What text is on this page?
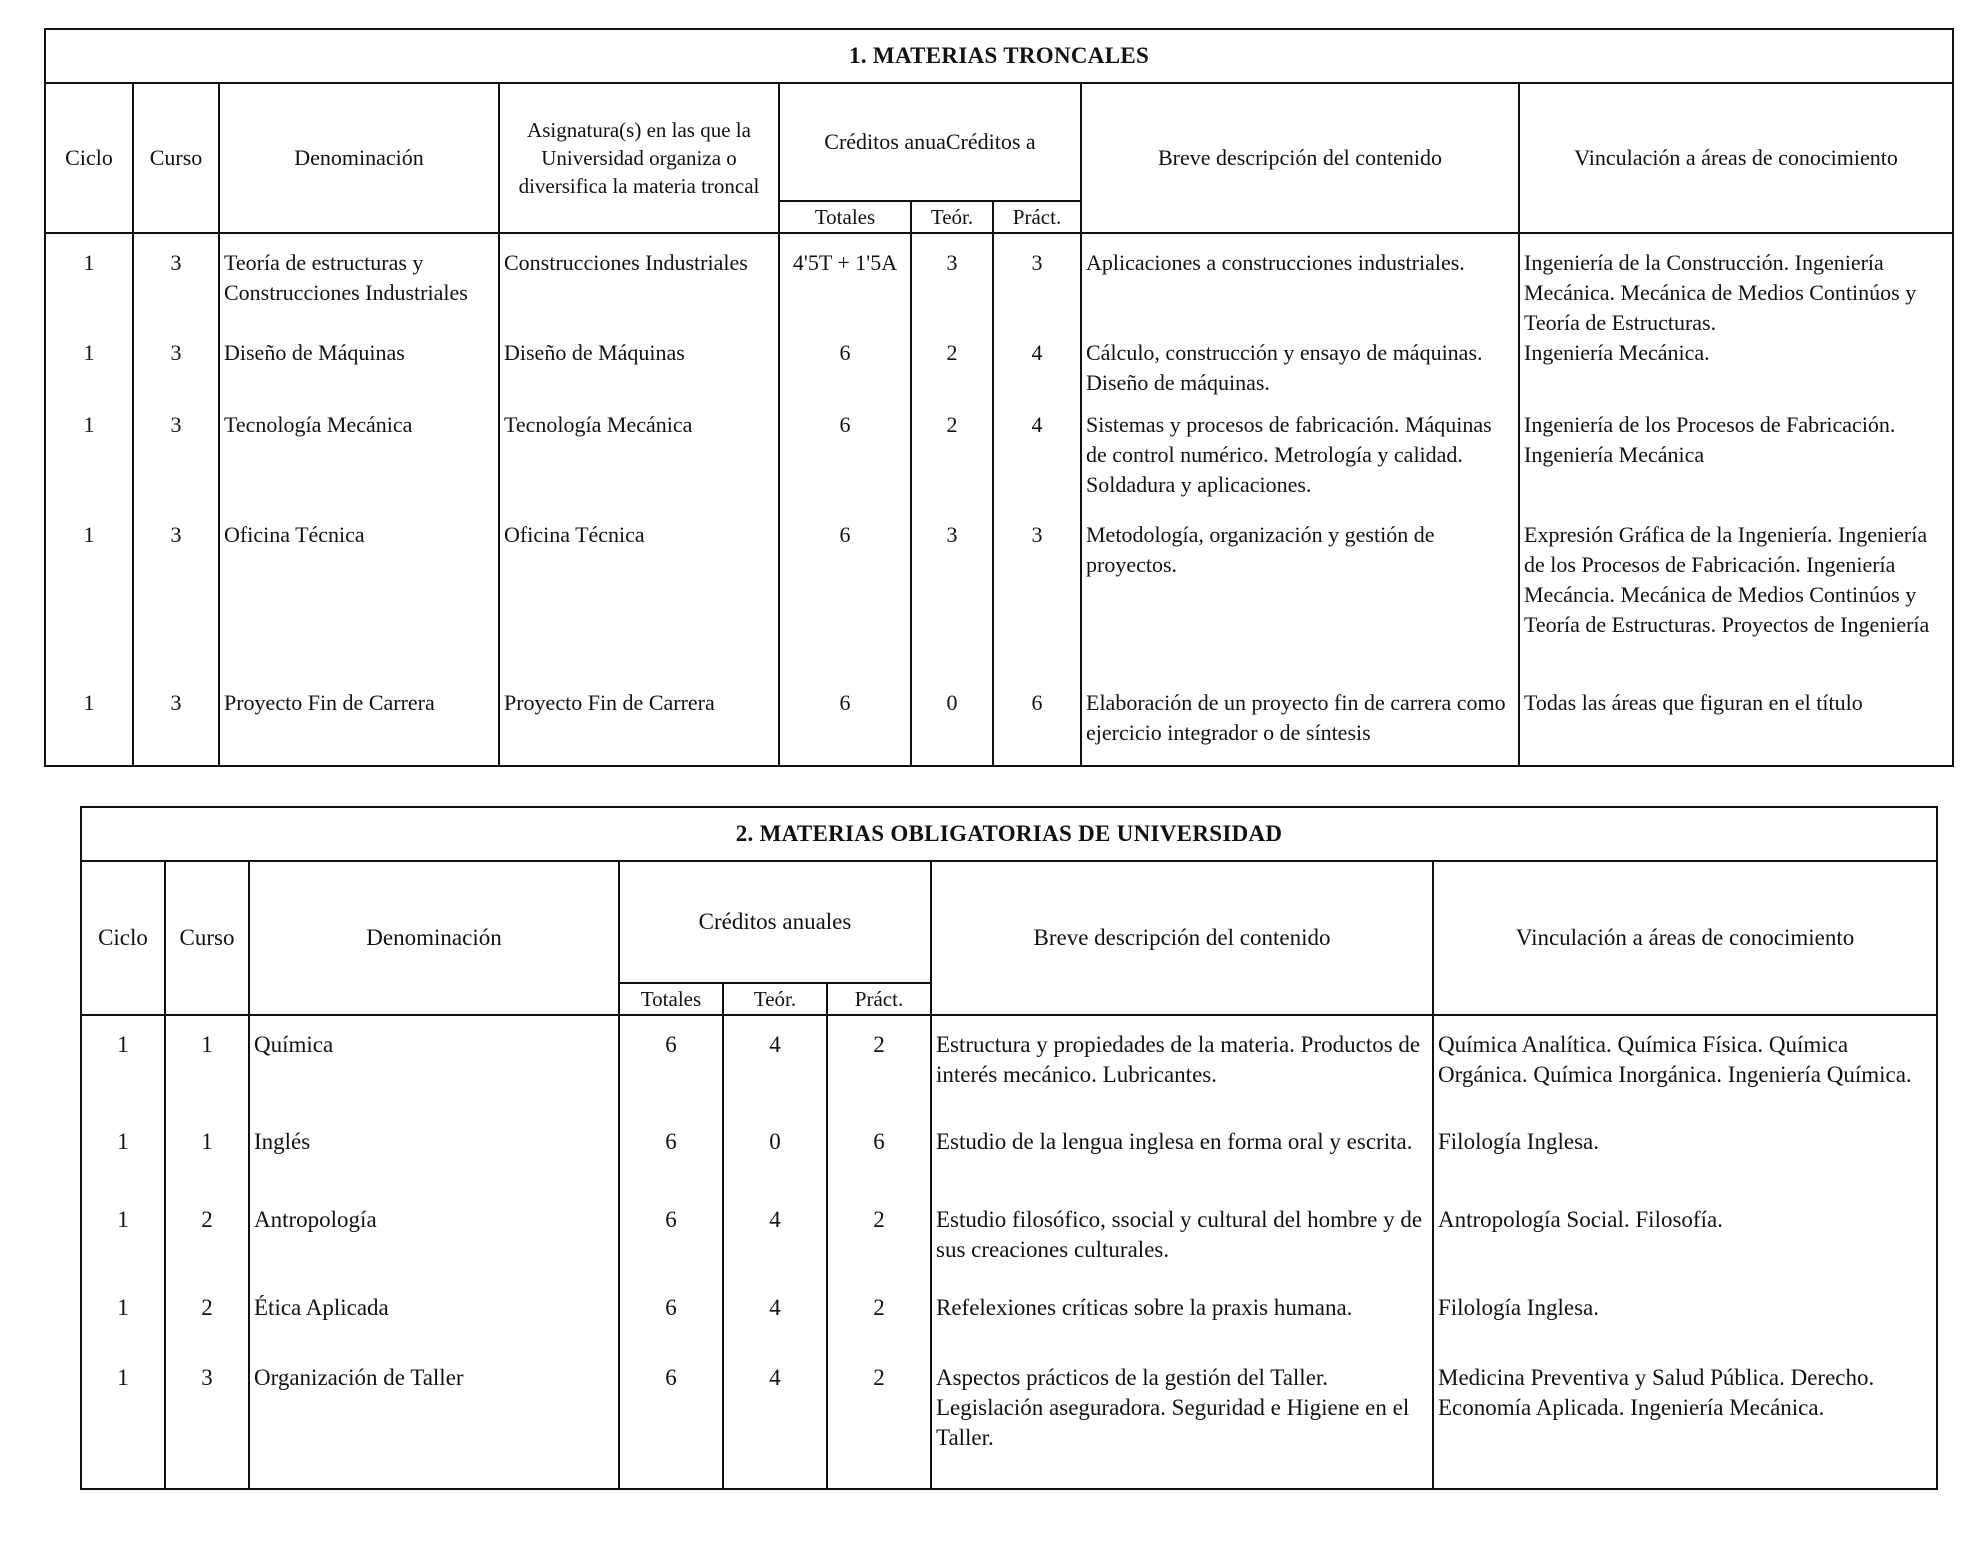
1. MATERIAS TRONCALES								
Ciclo	Curso	Denominación	Asignatura(s) en las que la Universidad organiza o diversifica la materia troncal	Créditos anuaCréditos a			Breve descripción del contenido	Vinculación a áreas de conocimiento
				Totales	Teór.	Práct.		
1	3	Teoría de estructuras y Construcciones Industriales	Construcciones Industriales	4'5T + 1'5A	3	3	Aplicaciones a construcciones industriales.	Ingeniería de la Construcción. Ingeniería Mecánica. Mecánica de Medios Continúos y Teoría de Estructuras.
1	3	Diseño de Máquinas	Diseño de Máquinas	6	2	4	Cálculo, construcción y ensayo de máquinas. Diseño de máquinas.	Ingeniería Mecánica.
1	3	Tecnología Mecánica	Tecnología Mecánica	6	2	4	Sistemas y procesos de fabricación. Máquinas de control numérico. Metrología y calidad. Soldadura y aplicaciones.	Ingeniería de los Procesos de Fabricación. Ingeniería Mecánica
1	3	Oficina Técnica	Oficina Técnica	6	3	3	Metodología, organización y gestión de proyectos.	Expresión Gráfica de la Ingeniería. Ingeniería de los Procesos de Fabricación. Ingeniería Mecáncia. Mecánica de Medios Continúos y Teoría de Estructuras. Proyectos de Ingeniería
1	3	Proyecto Fin de Carrera	Proyecto Fin de Carrera	6	0	6	Elaboración de un proyecto fin de carrera como ejercicio integrador o de síntesis	Todas las áreas que figuran en el título
2. MATERIAS OBLIGATORIAS DE UNIVERSIDAD							
Ciclo	Curso	Denominación	Créditos anuales			Breve descripción del contenido	Vinculación a áreas de conocimiento
			Totales	Teór.	Práct.		
1	1	Química	6	4	2	Estructura y propiedades de la materia. Productos de interés mecánico. Lubricantes.	Química Analítica. Química Física. Química Orgánica. Química Inorgánica. Ingeniería Química.
1	1	Inglés	6	0	6	Estudio de la lengua inglesa en forma oral y escrita.	Filología Inglesa.
1	2	Antropología	6	4	2	Estudio filosófico, ssocial y cultural del hombre y de sus creaciones culturales.	Antropología Social. Filosofía.
1	2	Ética Aplicada	6	4	2	Refelexiones críticas sobre la praxis humana.	Filología Inglesa.
1	3	Organización de Taller	6	4	2	Aspectos prácticos de la gestión del Taller. Legislación aseguradora. Seguridad e Higiene en el Taller.	Medicina Preventiva y Salud Pública. Derecho. Economía Aplicada. Ingeniería Mecánica.
